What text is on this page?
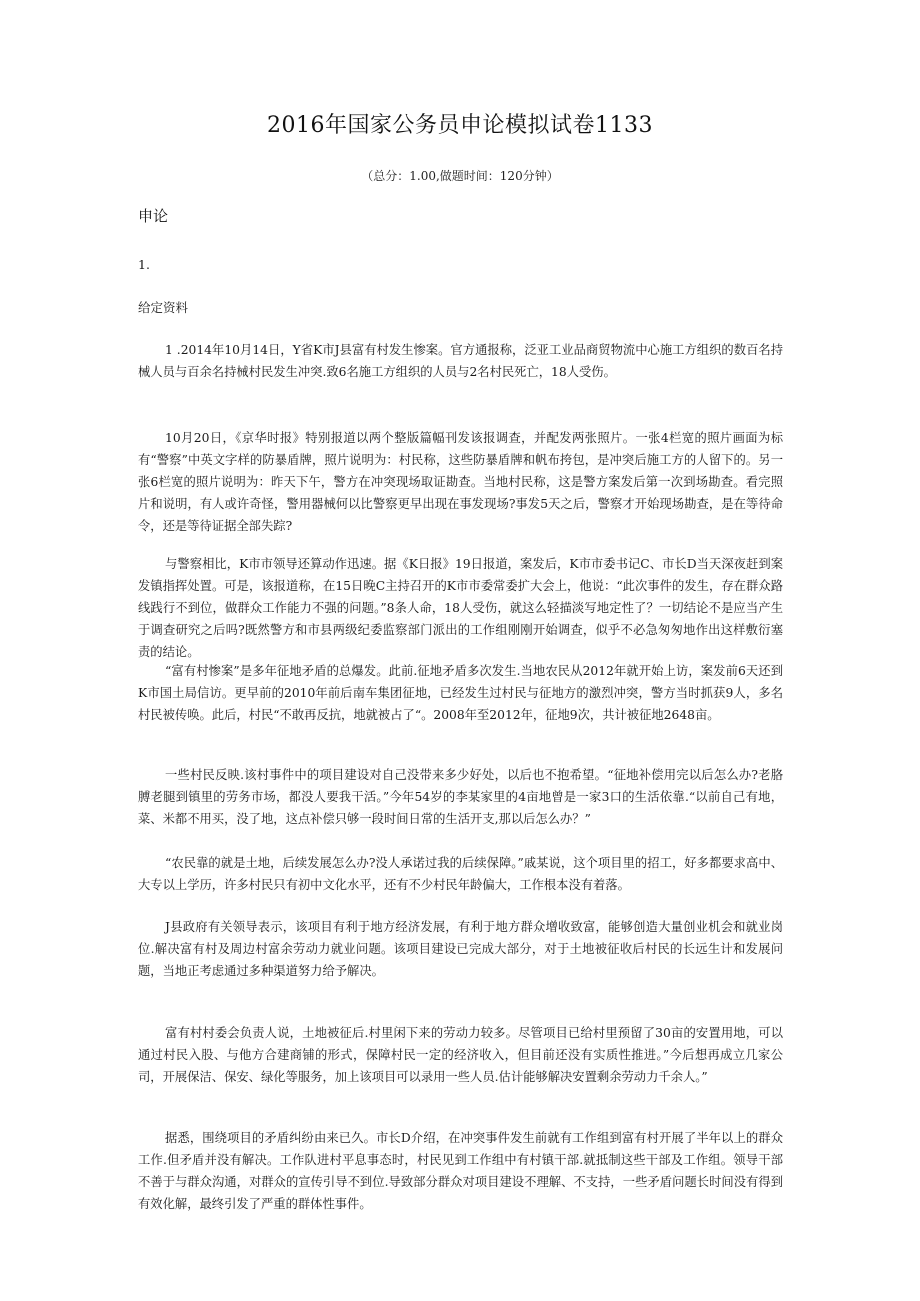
2016年国家公务员申论模拟试卷1133
（总分：1.00,做题时间：120分钟）
申论
1.
给定资料

1 .2014年10月14日，Y省K市J县富有村发生惨案。官方通报称，泛亚工业品商贸物流中心施工方组织的数百名持械人员与百余名持械村民发生冲突.致6名施工方组织的人员与2名村民死亡，18人受伤。

10月20日，《京华时报》特别报道以两个整版篇幅刊发该报调查，并配发两张照片。一张4栏宽的照片画面为标有“警察”中英文字样的防暴盾牌，照片说明为：村民称，这些防暴盾牌和帆布挎包，是冲突后施工方的人留下的。另一张6栏宽的照片说明为：昨天下午，警方在冲突现场取证勘查。当地村民称，这是警方案发后第一次到场勘查。看完照片和说明，有人或许奇怪，警用器械何以比警察更早出现在事发现场?事发5天之后，警察才开始现场勘查，是在等待命令，还是等待证据全部失踪?

与警察相比，K市市领导还算动作迅速。据《K日报》19日报道，案发后，K市市委书记C、市长D当天深夜赶到案发镇指挥处置。可是，该报道称，在15日晚C主持召开的K市市委常委扩大会上，他说：“此次事件的发生，存在群众路线践行不到位，做群众工作能力不强的问题。”8条人命，18人受伤，就这么轻描淡写地定性了？一切结论不是应当产生于调查研究之后吗?既然警方和市县两级纪委监察部门派出的工作组刚刚开始调查，似乎不必急匆匆地作出这样敷衍塞责的结论。

“富有村惨案”是多年征地矛盾的总爆发。此前.征地矛盾多次发生.当地农民从2012年就开始上访，案发前6天还到K市国土局信访。更早前的2010年前后南车集团征地，已经发生过村民与征地方的激烈冲突，警方当时抓获9人，多名村民被传唤。此后，村民“不敢再反抗，地就被占了“。2008年至2012年，征地9次，共计被征地2648亩。

一些村民反映.该村事件中的项目建设对自己没带来多少好处，以后也不抱希望。“征地补偿用完以后怎么办?老胳膊老腿到镇里的劳务市场，都没人要我干活。”今年54岁的李某家里的4亩地曾是一家3口的生活依靠.“以前自己有地，菜、米都不用买，没了地，这点补偿只够一段时间日常的生活开支,那以后怎么办？”

“农民靠的就是土地，后续发展怎么办?没人承诺过我的后续保障。”戚某说，这个项目里的招工，好多都要求高中、大专以上学历，许多村民只有初中文化水平，还有不少村民年龄偏大，工作根本没有着落。

J县政府有关领导表示，该项目有利于地方经济发展，有利于地方群众增收致富，能够创造大量创业机会和就业岗位.解决富有村及周边村富余劳动力就业问题。该项目建设已完成大部分，对于土地被征收后村民的长远生计和发展问题，当地正考虑通过多种渠道努力给予解决。

富有村村委会负责人说，土地被征后.村里闲下来的劳动力较多。尽管项目已给村里预留了30亩的安置用地，可以通过村民入股、与他方合建商铺的形式，保障村民一定的经济收入，但目前还没有实质性推进。”今后想再成立几家公司，开展保洁、保安、绿化等服务，加上该项目可以录用一些人员.估计能够解决安置剩余劳动力千余人。”

据悉，围绕项目的矛盾纠纷由来已久。市长D介绍，在冲突事件发生前就有工作组到富有村开展了半年以上的群众工作.但矛盾并没有解决。工作队进村平息事态时，村民见到工作组中有村镇干部.就抵制这些干部及工作组。领导干部不善于与群众沟通，对群众的宣传引导不到位.导致部分群众对项目建设不理解、不支持，一些矛盾问题长时间没有得到有效化解，最终引发了严重的群体性事件。
